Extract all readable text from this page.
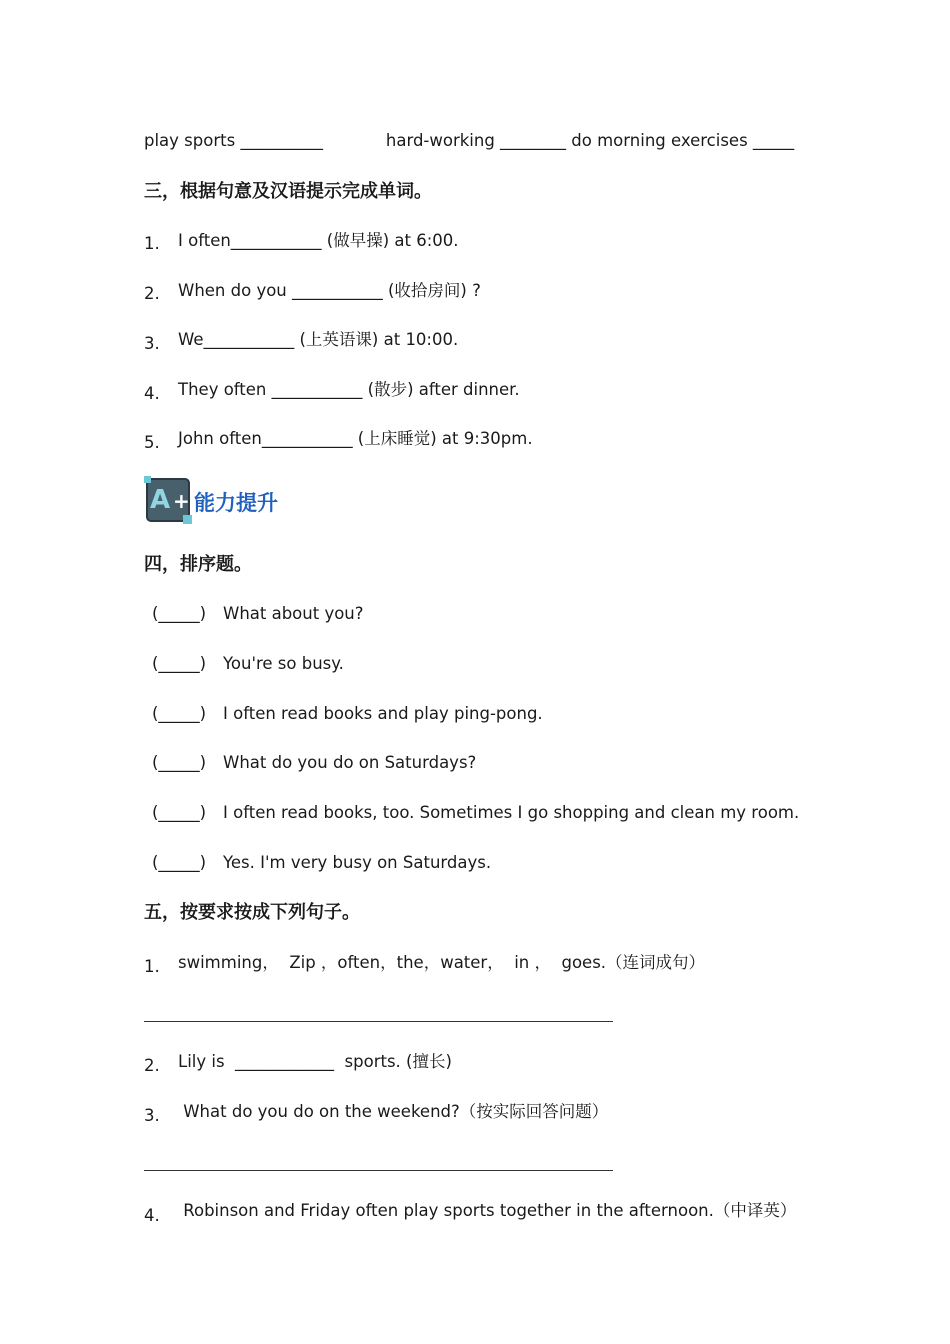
play sports __________            hard-working ________ do morning exercises _____
三，根据句意及汉语提示完成单词。
1. I often___________ (做早操) at 6:00.
2. When do you ___________ (收拾房间) ?
3. We___________ (上英语课) at 10:00.
4. They often ___________ (散步) after dinner.
5. John often___________ (上床睡觉) at 9:30pm.
A + 能力提升
四，排序题。
(_____) What about you?
(_____) You're so busy.
(_____) I often read books and play ping-pong.
(_____) What do you do on Saturdays?
(_____) I often read books, too. Sometimes I go shopping and clean my room.
(_____) Yes. I'm very busy on Saturdays.
五，按要求按成下列句子。
1. swimming，  Zip ，often，the，water，  in ，  goes.（连词成句）
2. Lily is  ____________  sports. (擅长)
3. What do you do on the weekend?（按实际回答问题）
4. Robinson and Friday often play sports together in the afternoon.（中译英）
